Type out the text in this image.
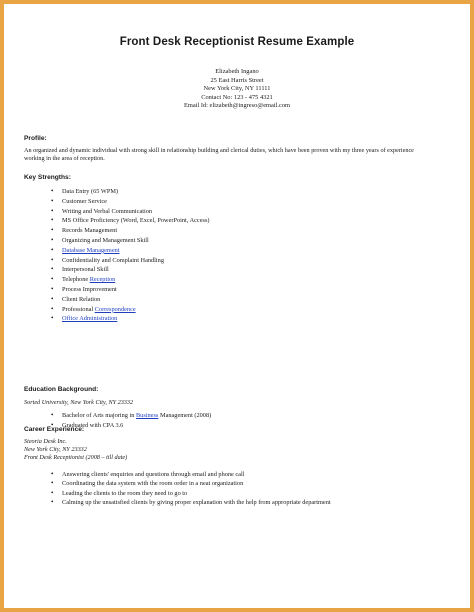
Front Desk Receptionist Resume Example
Elizabeth Ingano
25 East Harris Street
New York City, NY 11111
Contact No: 123 - 475 4321
Email Id: elizabeth@ingreso@email.com
Profile:
An organized and dynamic individual with strong skill in relationship building and clerical duties, which have been proven with my three years of experience working in the area of reception.
Key Strengths:
• Data Entry (65 WPM)
• Customer Service
• Writing and Verbal Communication
• MS Office Proficiency (Word, Excel, PowerPoint, Access)
• Records Management
• Organizing and Management Skill
• Database Management
• Confidentiality and Complaint Handling
• Interpersonal Skill
• Telephone Reception
• Process Improvement
• Client Relation
• Professional Correspondence
• Office Administration
Education Background:
Sorted University, New York City, NY 23332
• Bachelor of Arts majoring in Business Management (2008)
• Graduated with CPA 3.6
Career Experience:
Steoria Desk Inc.
New York City, NY 23332
Front Desk Receptionist (2008 – till date)
• Answering clients' enquiries and questions through email and phone call
• Coordinating the data system with the room order in a neat organization
• Leading the clients to the room they need to go to
• Calming up the unsatisfied clients by giving proper explanation with the help from appropriate department
